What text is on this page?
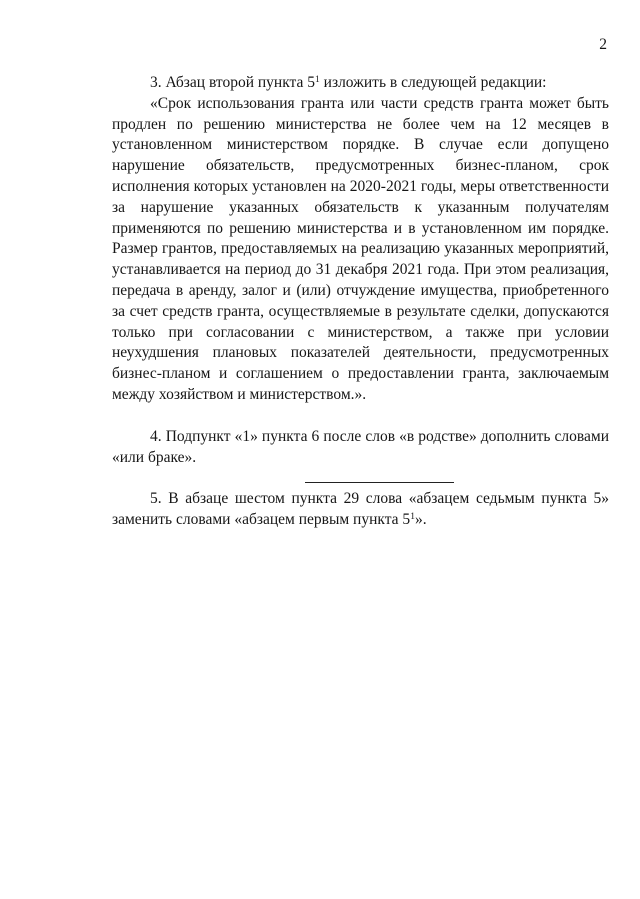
2

3. Абзац второй пункта $5^1$ изложить в следующей редакции:

«Срок использования гранта или части средств гранта может быть продлен по решению министерства не более чем на 12 месяцев в установленном министерством порядке. В случае если допущено нарушение обязательств, предусмотренных бизнес-планом, срок исполнения которых установлен на 2020-2021 годы, меры ответственности за нарушение указанных обязательств к указанным получателям применяются по решению министерства и в установленном им порядке. Размер грантов, предоставляемых на реализацию указанных мероприятий, устанавливается на период до 31 декабря 2021 года. При этом реализация, передача в аренду, залог и (или) отчуждение имущества, приобретенного за счет средств гранта, осуществляемые в результате сделки, допускаются только при согласовании с министерством, а также при условии неухудшения плановых показателей деятельности, предусмотренных бизнес-планом и соглашением о предоставлении гранта, заключаемым между хозяйством и министерством.».

4. Подпункт «1» пункта 6 после слов «в родстве» дополнить словами «или браке».

5. В абзаце шестом пункта 29 слова «абзацем седьмым пункта 5» заменить словами «абзацем первым пункта $5^1$».
